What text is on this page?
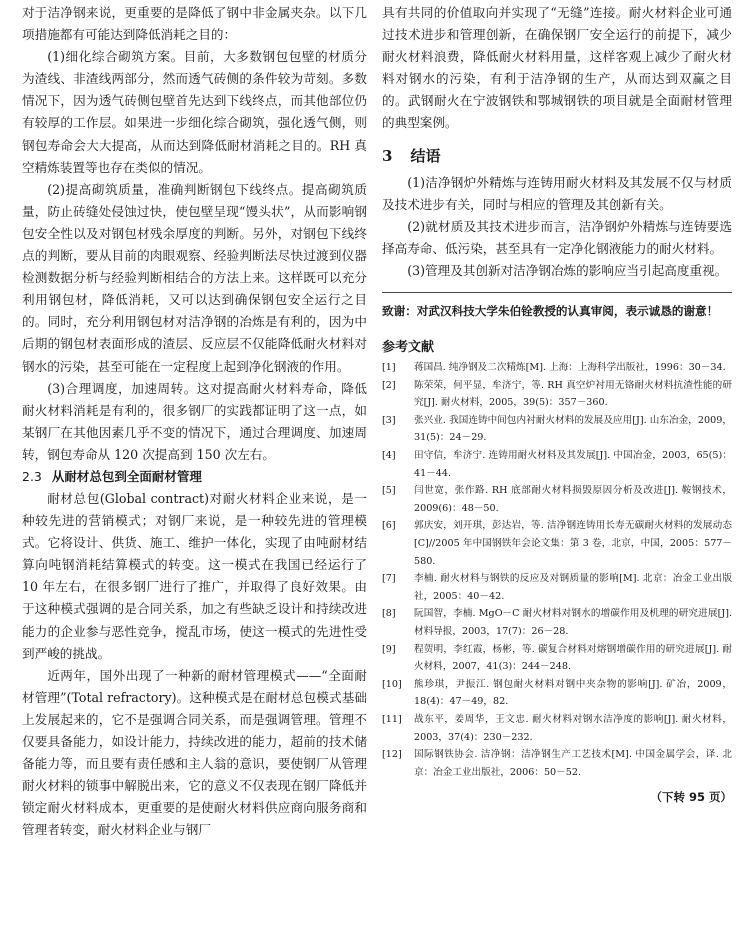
对于洁净钢来说，更重要的是降低了钢中非金属夹杂。以下几项措施都有可能达到降低消耗之目的：

(1)细化综合砌筑方案。目前，大多数钢包包壁的材质分为渣线、非渣线两部分，然而透气砖侧的条件较为苛刻。多数情况下，因为透气砖侧包壁首先达到下线终点，而其他部位仍有较厚的工作层。如果进一步细化综合砌筑，强化透气侧，则钢包寿命会大大提高，从而达到降低耐材消耗之目的。RH 真空精炼装置等也存在类似的情况。

(2)提高砌筑质量，准确判断钢包下线终点。提高砌筑质量，防止砖缝处侵蚀过快，使包壁呈现“馒头状”，从而影响钢包安全性以及对钢包材残余厚度的判断。另外，对钢包下线终点的判断，要从目前的肉眼观察、经验判断法尽快过渡到仪器检测数据分析与经验判断相结合的方法上来。这样既可以充分利用钢包材，降低消耗，又可以达到确保钢包安全运行之目的。同时，充分利用钢包材对洁净钢的冶炼是有利的，因为中后期的钢包材表面形成的渣层、反应层不仅能降低耐火材料对钢水的污染，甚至可能在一定程度上起到净化钢液的作用。

(3)合理调度，加速周转。这对提高耐火材料寿命，降低耐火材料消耗是有利的，很多钢厂的实践都证明了这一点，如某钢厂在其他因素几乎不变的情况下，通过合理调度、加速周转，钢包寿命从 120 次提高到 150 次左右。

2.3 从耐材总包到全面耐材管理

耐材总包(Global contract)对耐火材料企业来说，是一种较先进的营销模式；对钢厂来说，是一种较先进的管理模式。它将设计、供货、施工、维护一体化，实现了由吨耐材结算向吨钢消耗结算模式的转变。这一模式在我国已经运行了 10 年左右，在很多钢厂进行了推广，并取得了良好效果。由于这种模式强调的是合同关系，加之有些缺乏设计和持续改进能力的企业参与恶性竞争，搅乱市场，使这一模式的先进性受到严峻的挑战。

近两年，国外出现了一种新的耐材管理模式——“全面耐材管理”(Total refractory)。这种模式是在耐材总包模式基础上发展起来的，它不是强调合同关系，而是强调管理。管理不仅要具备能力，如设计能力，持续改进的能力，超前的技术储备能力等，而且要有责任感和主人翁的意识，要使钢厂从管理耐火材料的锁事中解脱出来，它的意义不仅表现在钢厂降低并锁定耐火材料成本，更重要的是使耐火材料供应商向服务商和管理者转变，耐火材料企业与钢厂

具有共同的价值取向并实现了“无缝”连接。耐火材料企业可通过技术进步和管理创新，在确保钢厂安全运行的前提下，减少耐火材料浪费，降低耐火材料用量，这样客观上减少了耐火材料对钢水的污染，有利于洁净钢的生产，从而达到双赢之目的。武钢耐火在宁波钢铁和鄂城钢铁的项目就是全面耐材管理的典型案例。

3 结语

(1)洁净钢炉外精炼与连铸用耐火材料及其发展不仅与材质及技术进步有关，同时与相应的管理及其创新有关。

(2)就材质及其技术进步而言，洁净钢炉外精炼与连铸要选择高寿命、低污染，甚至具有一定净化钢液能力的耐火材料。

(3)管理及其创新对洁净钢冶炼的影响应当引起高度重视。

致谢：对武汉科技大学朱伯铨教授的认真审阅，表示诚恳的谢意！

参考文献
[1]	蒋国昌. 纯净钢及二次精炼[M]. 上海：上海科学出版社，1996：30－34.
[2]	陈荣荣，何平显，牟济宁，等. RH 真空炉衬用无铬耐火材料抗渣性能的研究[J]. 耐火材料，2005，39(5)：357－360.
[3]	张兴业. 我国连铸中间包内衬耐火材料的发展及应用[J]. 山东冶金，2009，31(5)：24－29.
[4]	田守信，牟济宁. 连铸用耐火材料及其发展[J]. 中国冶金，2003，65(5)：41－44.
[5]	闫世宽，张作路. RH 底部耐火材料损毁原因分析及改进[J]. 鞍钢技术，2009(6)：48－50.
[6]	郭庆安，刘开琪，彭达岩，等. 洁净钢连铸用长寿无碳耐火材料的发展动态[C]//2005 年中国钢铁年会论文集：第 3 卷，北京，中国，2005：577－580.
[7]	李楠. 耐火材料与钢铁的反应及对钢质量的影响[M]. 北京：冶金工业出版社，2005：40－42.
[8]	阮国智，李楠. MgO－C 耐火材料对钢水的增碳作用及机理的研究进展[J]. 材料导报，2003，17(7)：26－28.
[9]	程贺明，李红霞，杨彬，等. 碳复合材料对熔钢增碳作用的研究进展[J]. 耐火材料，2007，41(3)：244－248.
[10]	熊珍琪，尹振江. 钢包耐火材料对钢中夹杂物的影响[J]. 矿冶，2009，18(4)：47－49，82.
[11]	战东平，姜周华，王文忠. 耐火材料对钢水洁净度的影响[J]. 耐火材料，2003，37(4)：230－232.
[12]	国际钢铁协会. 洁净钢：洁净钢生产工艺技术[M]. 中国金属学会，译. 北京：冶金工业出版社，2006：50－52.
（下转 95 页）
